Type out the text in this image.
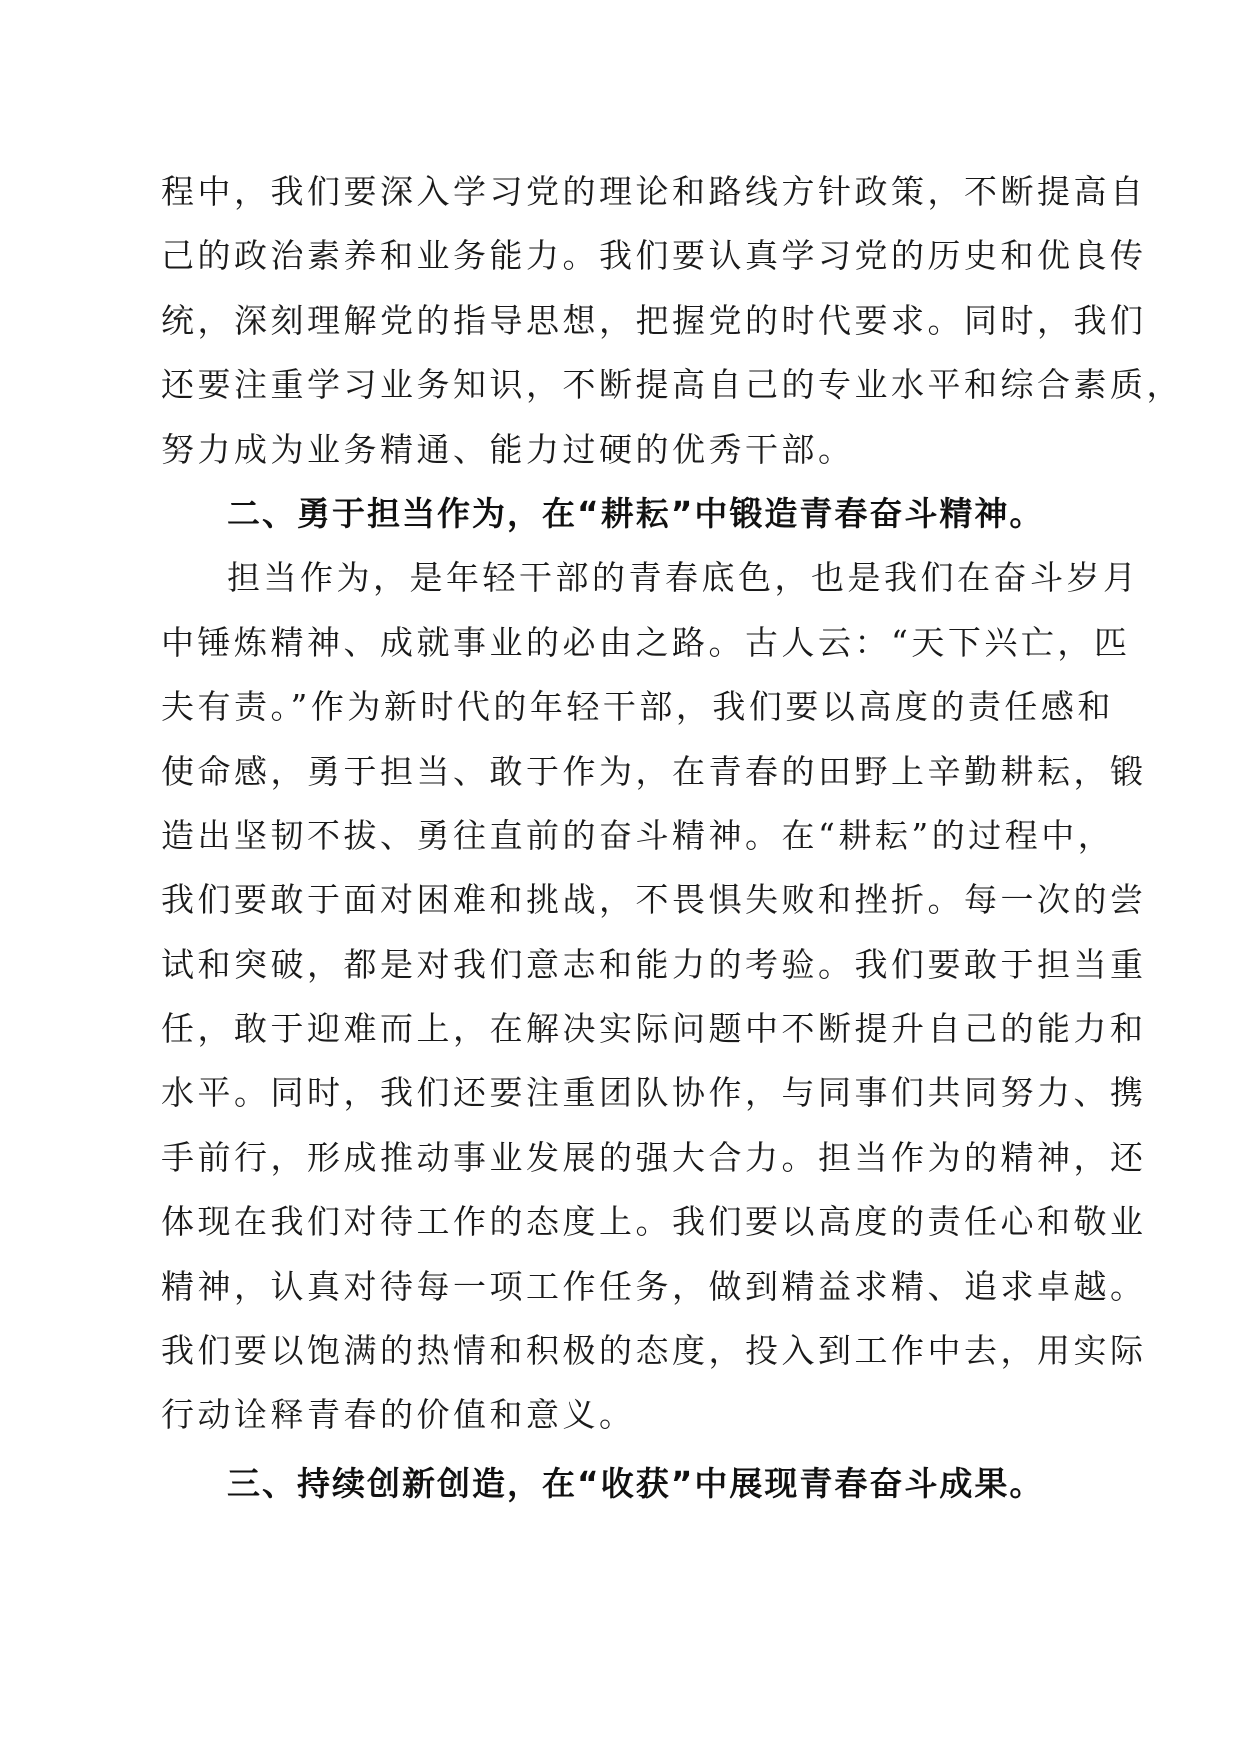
程中，我们要深入学习党的理论和路线方针政策，不断提高自
己的政治素养和业务能力。我们要认真学习党的历史和优良传
统，深刻理解党的指导思想，把握党的时代要求。同时，我们
还要注重学习业务知识，不断提高自己的专业水平和综合素质，
努力成为业务精通、能力过硬的优秀干部。
二、勇于担当作为，在“耕耘”中锻造青春奋斗精神。
担当作为，是年轻干部的青春底色，也是我们在奋斗岁月
中锤炼精神、成就事业的必由之路。古人云：“天下兴亡，匹
夫有责。”作为新时代的年轻干部，我们要以高度的责任感和
使命感，勇于担当、敢于作为，在青春的田野上辛勤耕耘，锻
造出坚韧不拔、勇往直前的奋斗精神。在“耕耘”的过程中，
我们要敢于面对困难和挑战，不畏惧失败和挫折。每一次的尝
试和突破，都是对我们意志和能力的考验。我们要敢于担当重
任，敢于迎难而上，在解决实际问题中不断提升自己的能力和
水平。同时，我们还要注重团队协作，与同事们共同努力、携
手前行，形成推动事业发展的强大合力。担当作为的精神，还
体现在我们对待工作的态度上。我们要以高度的责任心和敬业
精神，认真对待每一项工作任务，做到精益求精、追求卓越。
我们要以饱满的热情和积极的态度，投入到工作中去，用实际
行动诠释青春的价值和意义。
三、持续创新创造，在“收获”中展现青春奋斗成果。
